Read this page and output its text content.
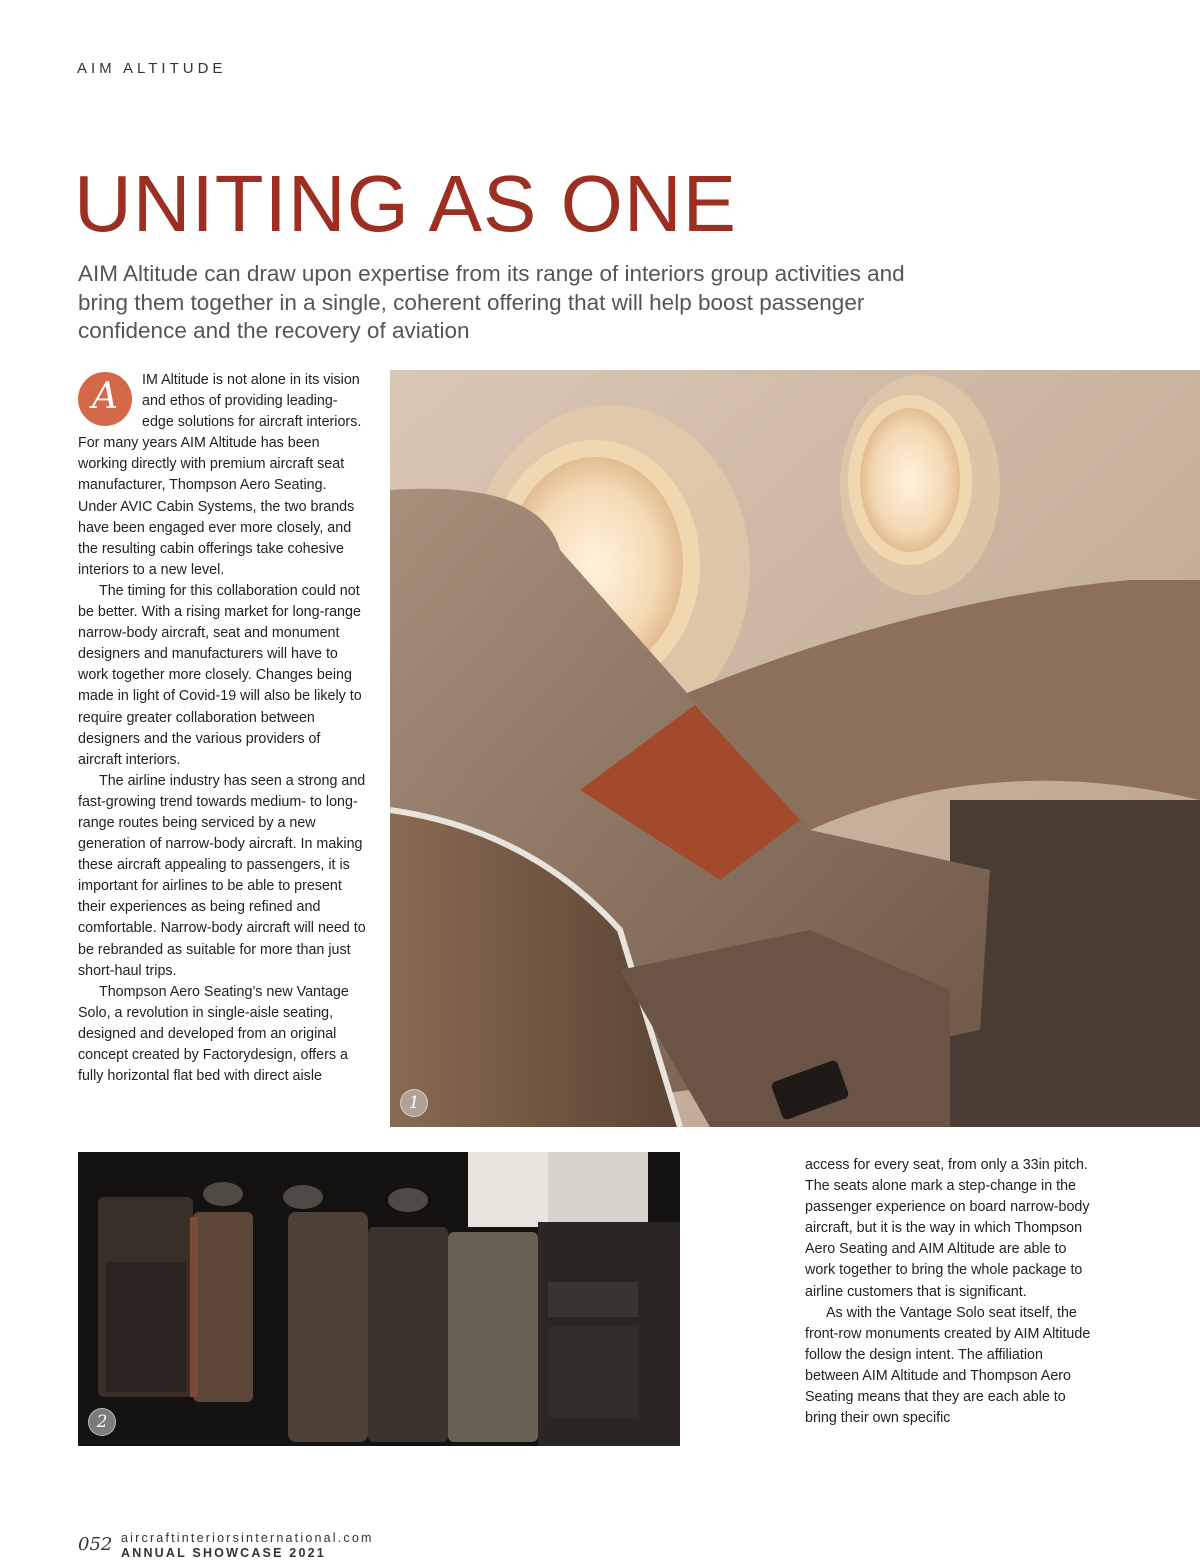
AIM ALTITUDE
UNITING AS ONE

AIM Altitude can draw upon expertise from its range of interiors group activities and bring them together in a single, coherent offering that will help boost passenger confidence and the recovery of aviation

A	IM Altitude is not alone in its vision and ethos of providing leading-edge solutions for aircraft interiors. For many years AIM Altitude has been working directly with premium aircraft seat manufacturer, Thompson Aero Seating. Under AVIC Cabin Systems, the two brands have been engaged ever more closely, and the resulting cabin offerings take cohesive interiors to a new level.

The timing for this collaboration could not be better. With a rising market for long-range narrow-body aircraft, seat and monument designers and manufacturers will have to work together more closely. Changes being made in light of Covid-19 will also be likely to require greater collaboration between designers and the various providers of aircraft interiors.

The airline industry has seen a strong and fast-growing trend towards medium- to long-range routes being serviced by a new generation of narrow-body aircraft. In making these aircraft appealing to passengers, it is important for airlines to be able to present their experiences as being refined and comfortable. Narrow-body aircraft will need to be rebranded as suitable for more than just short-haul trips.

Thompson Aero Seating’s new Vantage Solo, a revolution in single-aisle seating, designed and developed from an original concept created by Factorydesign, offers a fully horizontal flat bed with direct aisle

1
2

access for every seat, from only a 33in pitch. The seats alone mark a step-change in the passenger experience on board narrow-body aircraft, but it is the way in which Thompson Aero Seating and AIM Altitude are able to work together to bring the whole package to airline customers that is significant.

As with the Vantage Solo seat itself, the front-row monuments created by AIM Altitude follow the design intent. The affiliation between AIM Altitude and Thompson Aero Seating means that they are each able to bring their own specific

052 aircraftinteriorsinternational.com
ANNUAL SHOWCASE 2021
